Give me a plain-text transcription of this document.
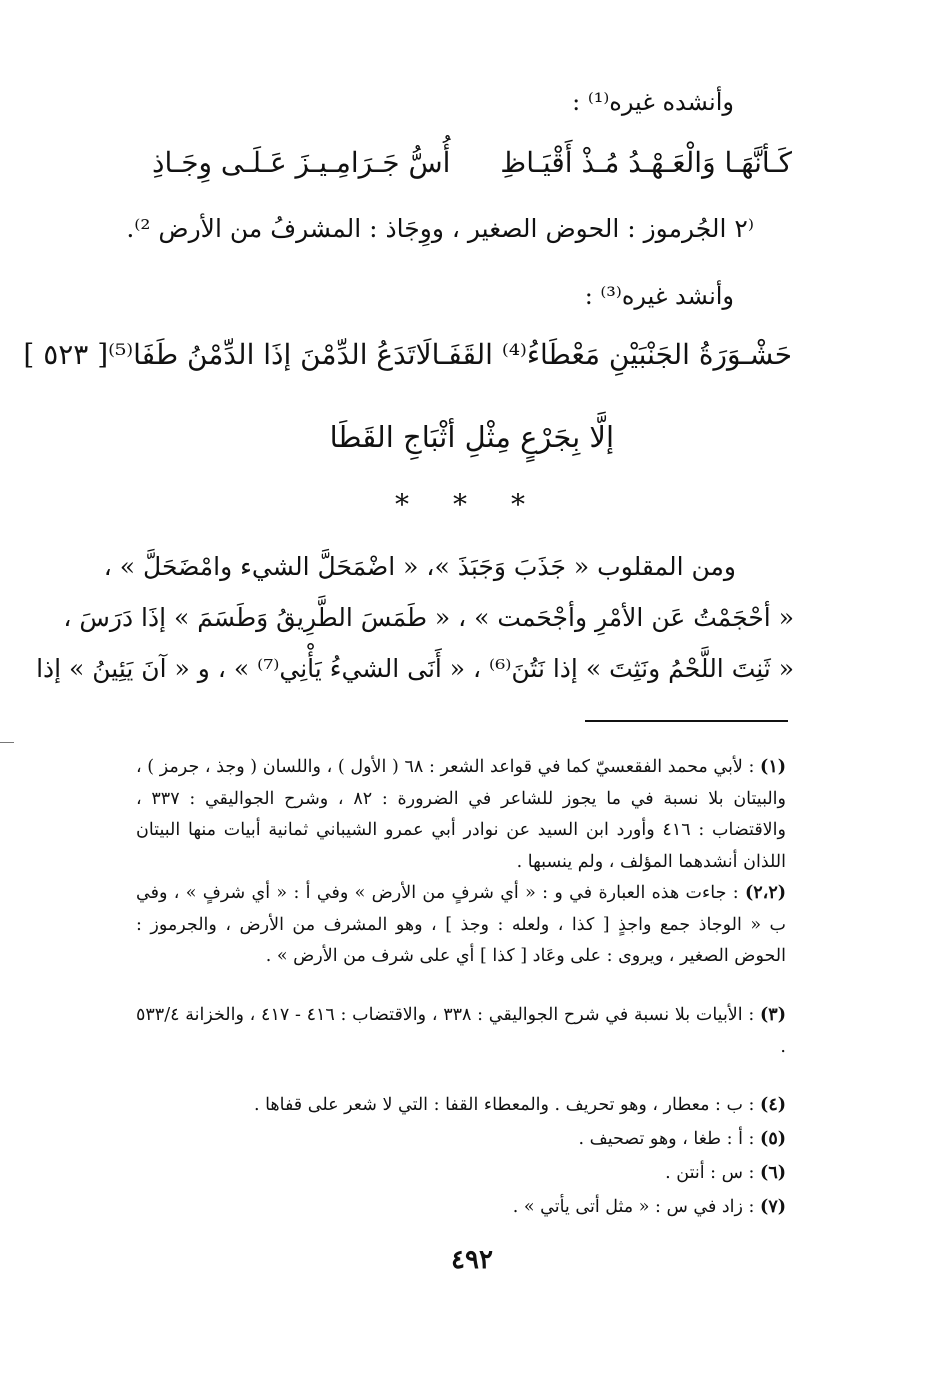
وأنشده غيره⁽¹⁾ :
كَـأنَّهَـا وَالْعَـهْـدُ مُـذْ أَقْيَـاظِ
أُسُّ جَـرَامِـيـزَ عَـلَـى وِجَـاذِ
⁽٢ الجُرموز : الحوض الصغير ، ووِجَاذ : المشرفُ من الأرض ²⁾.
وأنشد غيره⁽³⁾ :
حَشْـوَرَةُ الجَنْبَيْنِ مَعْطَاءُ⁽⁴⁾ القَفَـا
لَاتَدَعُ الدِّمْنَ إذَا الدِّمْنُ طَفَا⁽⁵⁾[ ٥٢٣ ]
إلَّا بِجَرْعٍ مِثْلِ أثْبَاجِ القَطَا
* * *
ومن المقلوب « جَذَبَ وَجَبَذَ »، « اضْمَحَلَّ الشيء وامْضَحَلَّ » ،
« أحْجَمْتُ عَن الأمْرِ وأجْحَمت » ، « طَمَسَ الطَّرِيقُ وَطَسَمَ » إذَا دَرَسَ ،
« ثَنِتَ اللَّحْمُ ونَثِتَ » إذا نَتُنَ⁽⁶⁾ ، « أَنَى الشيءُ يَأْنِي⁽⁷⁾ » ، و « آنَ يَئِينُ » إذا
(١) : لأبي محمد الفقعسيّ كما في قواعد الشعر : ٦٨ ( الأول ) ، واللسان ( وجذ ، جرمز ) ، والبيتان بلا نسبة في ما يجوز للشاعر في الضرورة : ٨٢ ، وشرح الجواليقي : ٣٣٧ ، والاقتضاب : ٤١٦ وأورد ابن السيد عن نوادر أبي عمرو الشيباني ثمانية أبيات منها البيتان اللذان أنشدهما المؤلف ، ولم ينسبها .
(٢،٢) : جاءت هذه العبارة في و : « أي شرفٍ من الأرض » وفي أ : « أي شرفٍ » ، وفي ب « الوجاذ جمع واجذٍ [ كذا ، ولعله : وجذ ] ، وهو المشرف من الأرض ، والجرموز : الحوض الصغير ، ويروى : على وعَاد [ كذا ] أي على شرف من الأرض » .
(٣) : الأبيات بلا نسبة في شرح الجواليقي : ٣٣٨ ، والاقتضاب : ٤١٦ - ٤١٧ ، والخزانة ٥٣٣/٤ .
(٤) : ب : معطار ، وهو تحريف . والمعطاء القفا : التي لا شعر على قفاها .
(٥) : أ : طغا ، وهو تصحيف .
(٦) : س : أنتن .
(٧) : زاد في س : « مثل أتى يأتي » .
٤٩٢
